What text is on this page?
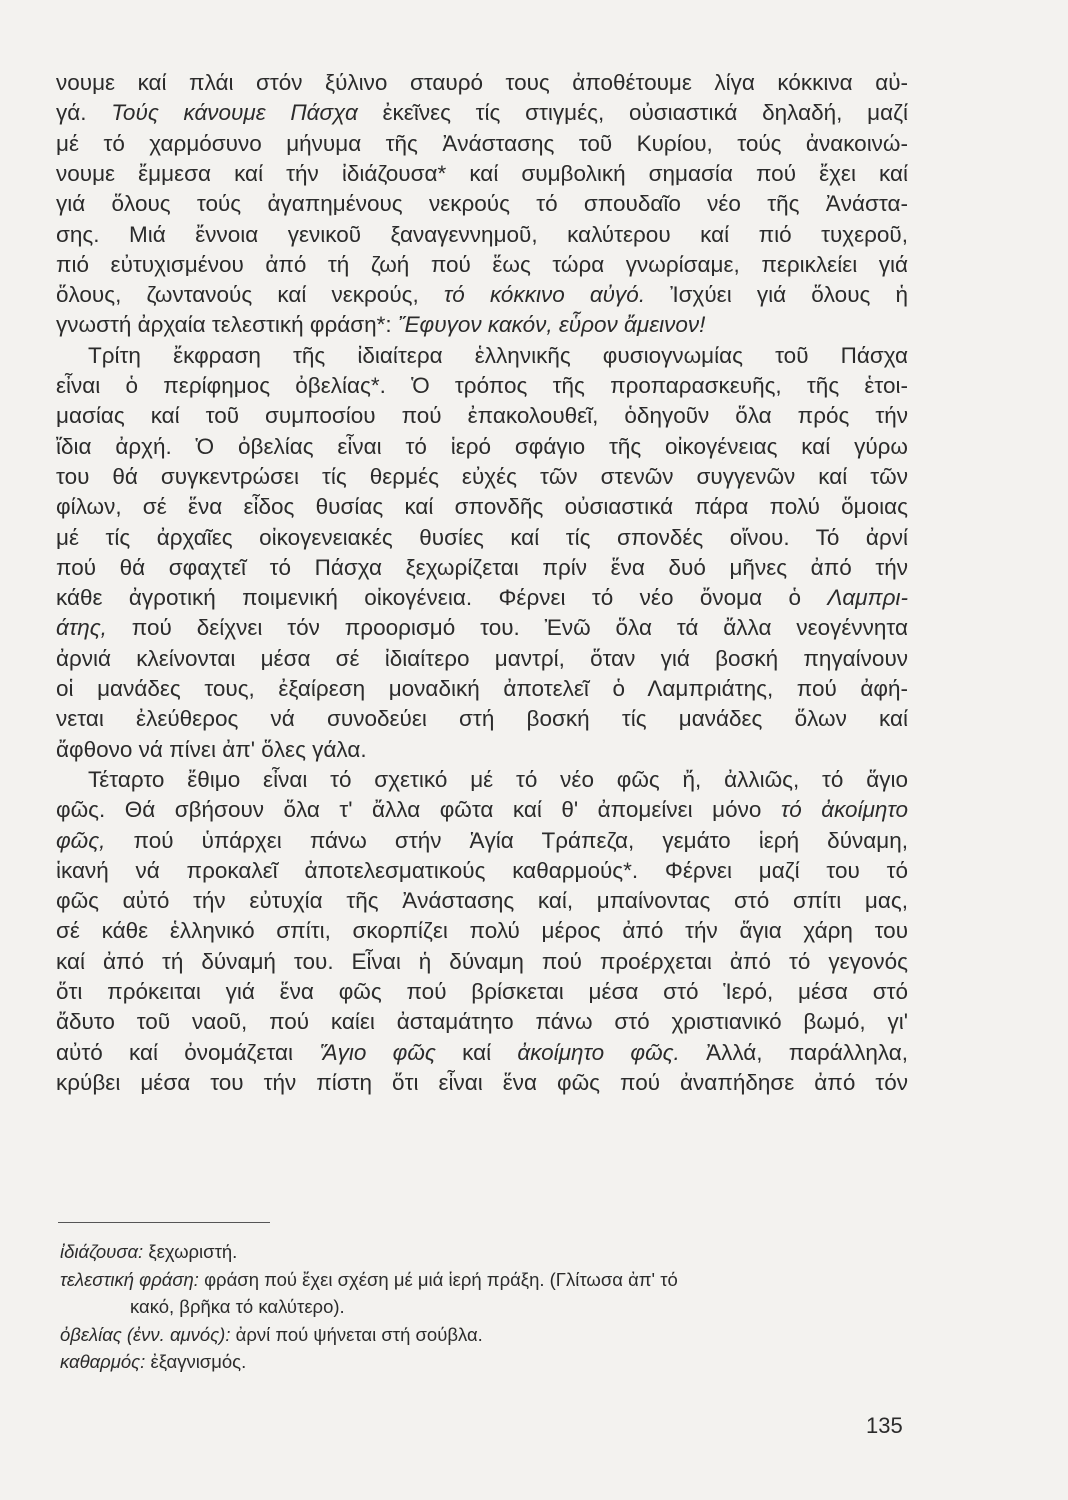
νουμε καί πλάι στόν ξύλινο σταυρό τους ἀποθέτουμε λίγα κόκκινα αὐ-
γά. Τούς κάνουμε Πάσχα ἐκεῖνες τίς στιγμές, οὐσιαστικά δηλαδή, μαζί
μέ τό χαρμόσυνο μήνυμα τῆς Ἀνάστασης τοῦ Κυρίου, τούς ἀνακοινώ-
νουμε ἔμμεσα καί τήν ἰδιάζουσα* καί συμβολική σημασία πού ἔχει καί
γιά ὅλους τούς ἀγαπημένους νεκρούς τό σπουδαῖο νέο τῆς Ἀνάστα-
σης. Μιά ἔννοια γενικοῦ ξαναγεννημοῦ, καλύτερου καί πιό τυχεροῦ,
πιό εὐτυχισμένου ἀπό τή ζωή πού ἕως τώρα γνωρίσαμε, περικλείει γιά
ὅλους, ζωντανούς καί νεκρούς, τό κόκκινο αὐγό. Ἰσχύει γιά ὅλους ἡ
γνωστή ἀρχαία τελεστική φράση*: Ἔφυγον κακόν, εὗρον ἄμεινον!
Τρίτη ἔκφραση τῆς ἰδιαίτερα ἑλληνικῆς φυσιογνωμίας τοῦ Πάσχα
εἶναι ὁ περίφημος ὀβελίας*. Ὁ τρόπος τῆς προπαρασκευῆς, τῆς ἑτοι-
μασίας καί τοῦ συμποσίου πού ἐπακολουθεῖ, ὁδηγοῦν ὅλα πρός τήν
ἴδια ἀρχή. Ὁ ὀβελίας εἶναι τό ἱερό σφάγιο τῆς οἰκογένειας καί γύρω
του θά συγκεντρώσει τίς θερμές εὐχές τῶν στενῶν συγγενῶν καί τῶν
φίλων, σέ ἕνα εἶδος θυσίας καί σπονδῆς οὐσιαστικά πάρα πολύ ὅμοιας
μέ τίς ἀρχαῖες οἰκογενειακές θυσίες καί τίς σπονδές οἴνου. Τό ἀρνί
πού θά σφαχτεῖ τό Πάσχα ξεχωρίζεται πρίν ἕνα δυό μῆνες ἀπό τήν
κάθε ἀγροτική ποιμενική οἰκογένεια. Φέρνει τό νέο ὄνομα ὁ Λαμπρι-
άτης, πού δείχνει τόν προορισμό του. Ἐνῶ ὅλα τά ἄλλα νεογέννητα
ἀρνιά κλείνονται μέσα σέ ἰδιαίτερο μαντρί, ὅταν γιά βοσκή πηγαίνουν
οἱ μανάδες τους, ἐξαίρεση μοναδική ἀποτελεῖ ὁ Λαμπριάτης, πού ἀφή-
νεται ἐλεύθερος νά συνοδεύει στή βοσκή τίς μανάδες ὅλων καί
ἄφθονο νά πίνει ἀπ' ὅλες γάλα.
Τέταρτο ἔθιμο εἶναι τό σχετικό μέ τό νέο φῶς ἤ, ἀλλιῶς, τό ἅγιο
φῶς. Θά σβήσουν ὅλα τ' ἄλλα φῶτα καί θ' ἀπομείνει μόνο τό ἀκοίμητο
φῶς, πού ὑπάρχει πάνω στήν Ἁγία Τράπεζα, γεμάτο ἱερή δύναμη,
ἱκανή νά προκαλεῖ ἀποτελεσματικούς καθαρμούς*. Φέρνει μαζί του τό
φῶς αὐτό τήν εὐτυχία τῆς Ἀνάστασης καί, μπαίνοντας στό σπίτι μας,
σέ κάθε ἑλληνικό σπίτι, σκορπίζει πολύ μέρος ἀπό τήν ἅγια χάρη του
καί ἀπό τή δύναμή του. Εἶναι ἡ δύναμη πού προέρχεται ἀπό τό γεγονός
ὅτι πρόκειται γιά ἕνα φῶς πού βρίσκεται μέσα στό Ἱερό, μέσα στό
ἄδυτο τοῦ ναοῦ, πού καίει ἀσταμάτητο πάνω στό χριστιανικό βωμό, γι'
αὐτό καί ὀνομάζεται Ἅγιο φῶς καί ἀκοίμητο φῶς. Ἀλλά, παράλληλα,
κρύβει μέσα του τήν πίστη ὅτι εἶναι ἕνα φῶς πού ἀναπήδησε ἀπό τόν
ἰδιάζουσα: ξεχωριστή.
τελεστική φράση: φράση πού ἔχει σχέση μέ μιά ἱερή πράξη. (Γλίτωσα ἀπ' τό
κακό, βρῆκα τό καλύτερο).
ὀβελίας (ἐνν. αμνός): ἀρνί πού ψήνεται στή σούβλα.
καθαρμός: ἐξαγνισμός.
135
